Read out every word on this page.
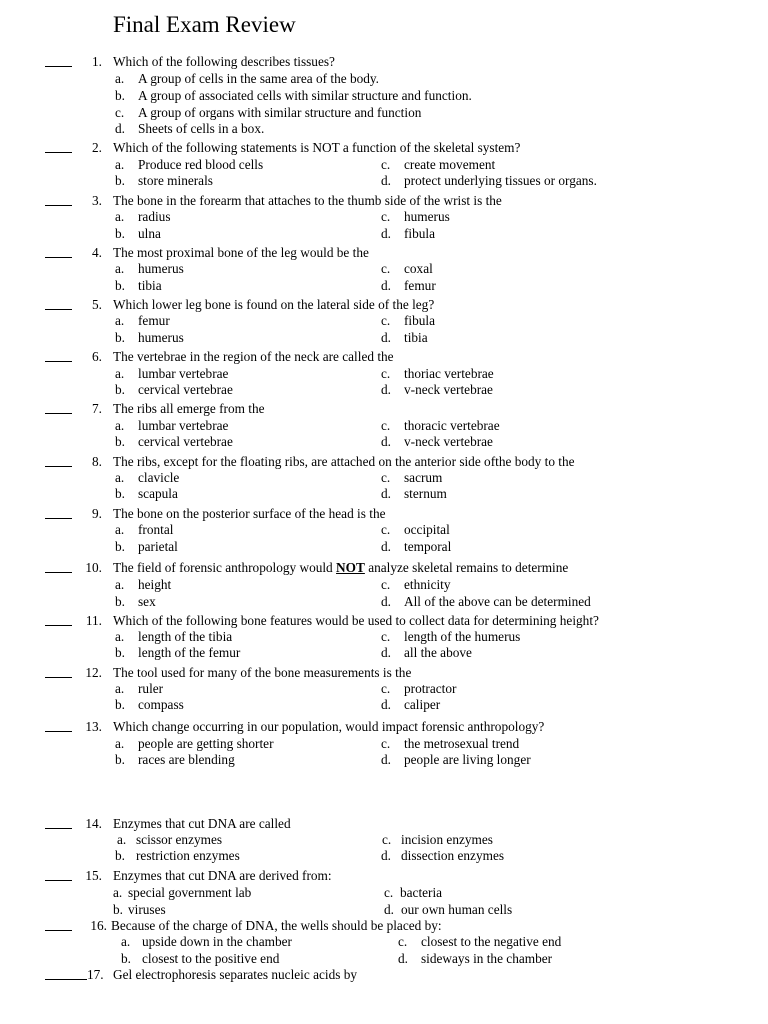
Final Exam Review
1. Which of the following describes tissues?
a. A group of cells in the same area of the body.
b. A group of associated cells with similar structure and function.
c. A group of organs with similar structure and function
d. Sheets of cells in a box.
2. Which of the following statements is NOT a function of the skeletal system?
a. Produce red blood cells	c. create movement
b. store minerals	d. protect underlying tissues or organs.
3. The bone in the forearm that attaches to the thumb side of the wrist is the
a. radius	c. humerus
b. ulna	d. fibula
4. The most proximal bone of the leg would be the
a. humerus	c. coxal
b. tibia	d. femur
5. Which lower leg bone is found on the lateral side of the leg?
a. femur	c. fibula
b. humerus	d. tibia
6. The vertebrae in the region of the neck are called the
a. lumbar vertebrae	c. thoriac vertebrae
b. cervical vertebrae	d. v-neck vertebrae
7. The ribs all emerge from the
a. lumbar vertebrae	c. thoracic vertebrae
b. cervical vertebrae	d. v-neck vertebrae
8. The ribs, except for the floating ribs, are attached on the anterior side ofthe body to the
a. clavicle	c. sacrum
b. scapula	d. sternum
9. The bone on the posterior surface of the head is the
a. frontal	c. occipital
b. parietal	d. temporal
10. The field of forensic anthropology would NOT analyze skeletal remains to determine
a. height	c. ethnicity
b. sex	d. All of the above can be determined
11. Which of the following bone features would be used to collect data for determining height?
a. length of the tibia	c. length of the humerus
b. length of the femur	d. all the above
12. The tool used for many of the bone measurements is the
a. ruler	c. protractor
b. compass	d. caliper
13. Which change occurring in our population, would impact forensic anthropology?
a. people are getting shorter	c. the metrosexual trend
b. races are blending	d. people are living longer
14. Enzymes that cut DNA are called
a. scissor enzymes	c. incision enzymes
b. restriction enzymes	d. dissection enzymes
15. Enzymes that cut DNA are derived from:
a. special government lab	c. bacteria
b. viruses	d. our own human cells
16. Because of the charge of DNA, the wells should be placed by:
a. upside down in the chamber	c. closest to the negative end
b. closest to the positive end	d. sideways in the chamber
17. Gel electrophoresis separates nucleic acids by
